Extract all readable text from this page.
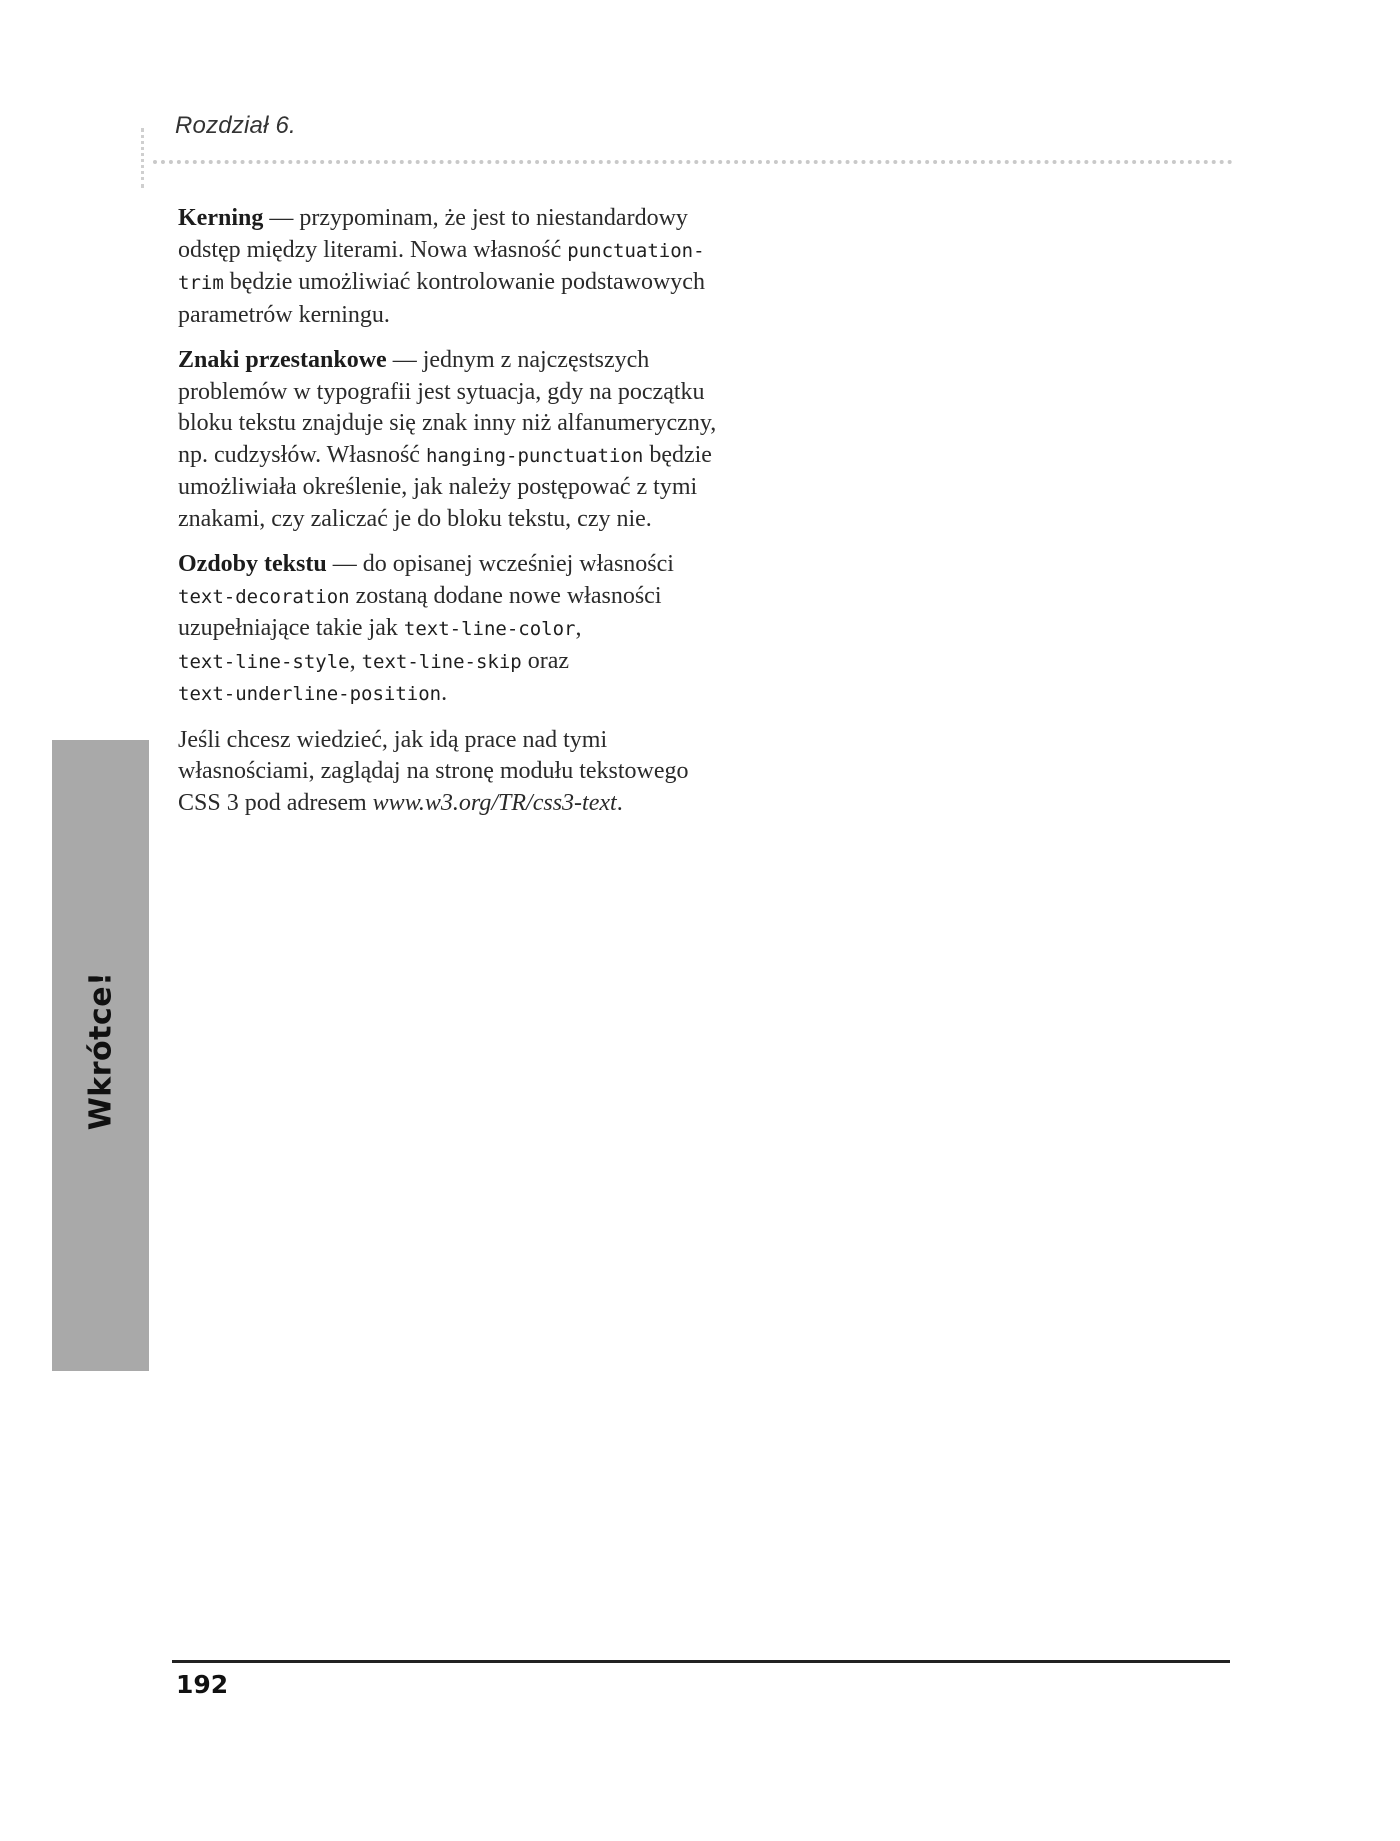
Rozdział 6.

Kerning — przypominam, że jest to niestandardowy odstęp między literami. Nowa własność punctuation-trim będzie umożliwiać kontrolowanie podstawowych parametrów kerningu.

Znaki przestankowe — jednym z najczęstszych problemów w typografii jest sytuacja, gdy na początku bloku tekstu znajduje się znak inny niż alfanumeryczny, np. cudzysłów. Własność hanging-punctuation będzie umożliwiała określenie, jak należy postępować z tymi znakami, czy zaliczać je do bloku tekstu, czy nie.

Ozdoby tekstu — do opisanej wcześniej własności text-decoration zostaną dodane nowe własności uzupełniające takie jak text-line-color,
text-line-style, text-line-skip oraz
text-underline-position.

Jeśli chcesz wiedzieć, jak idą prace nad tymi własnościami, zaglądaj na stronę modułu tekstowego CSS 3 pod adresem www.w3.org/TR/css3-text.

Wkrótce!
192
